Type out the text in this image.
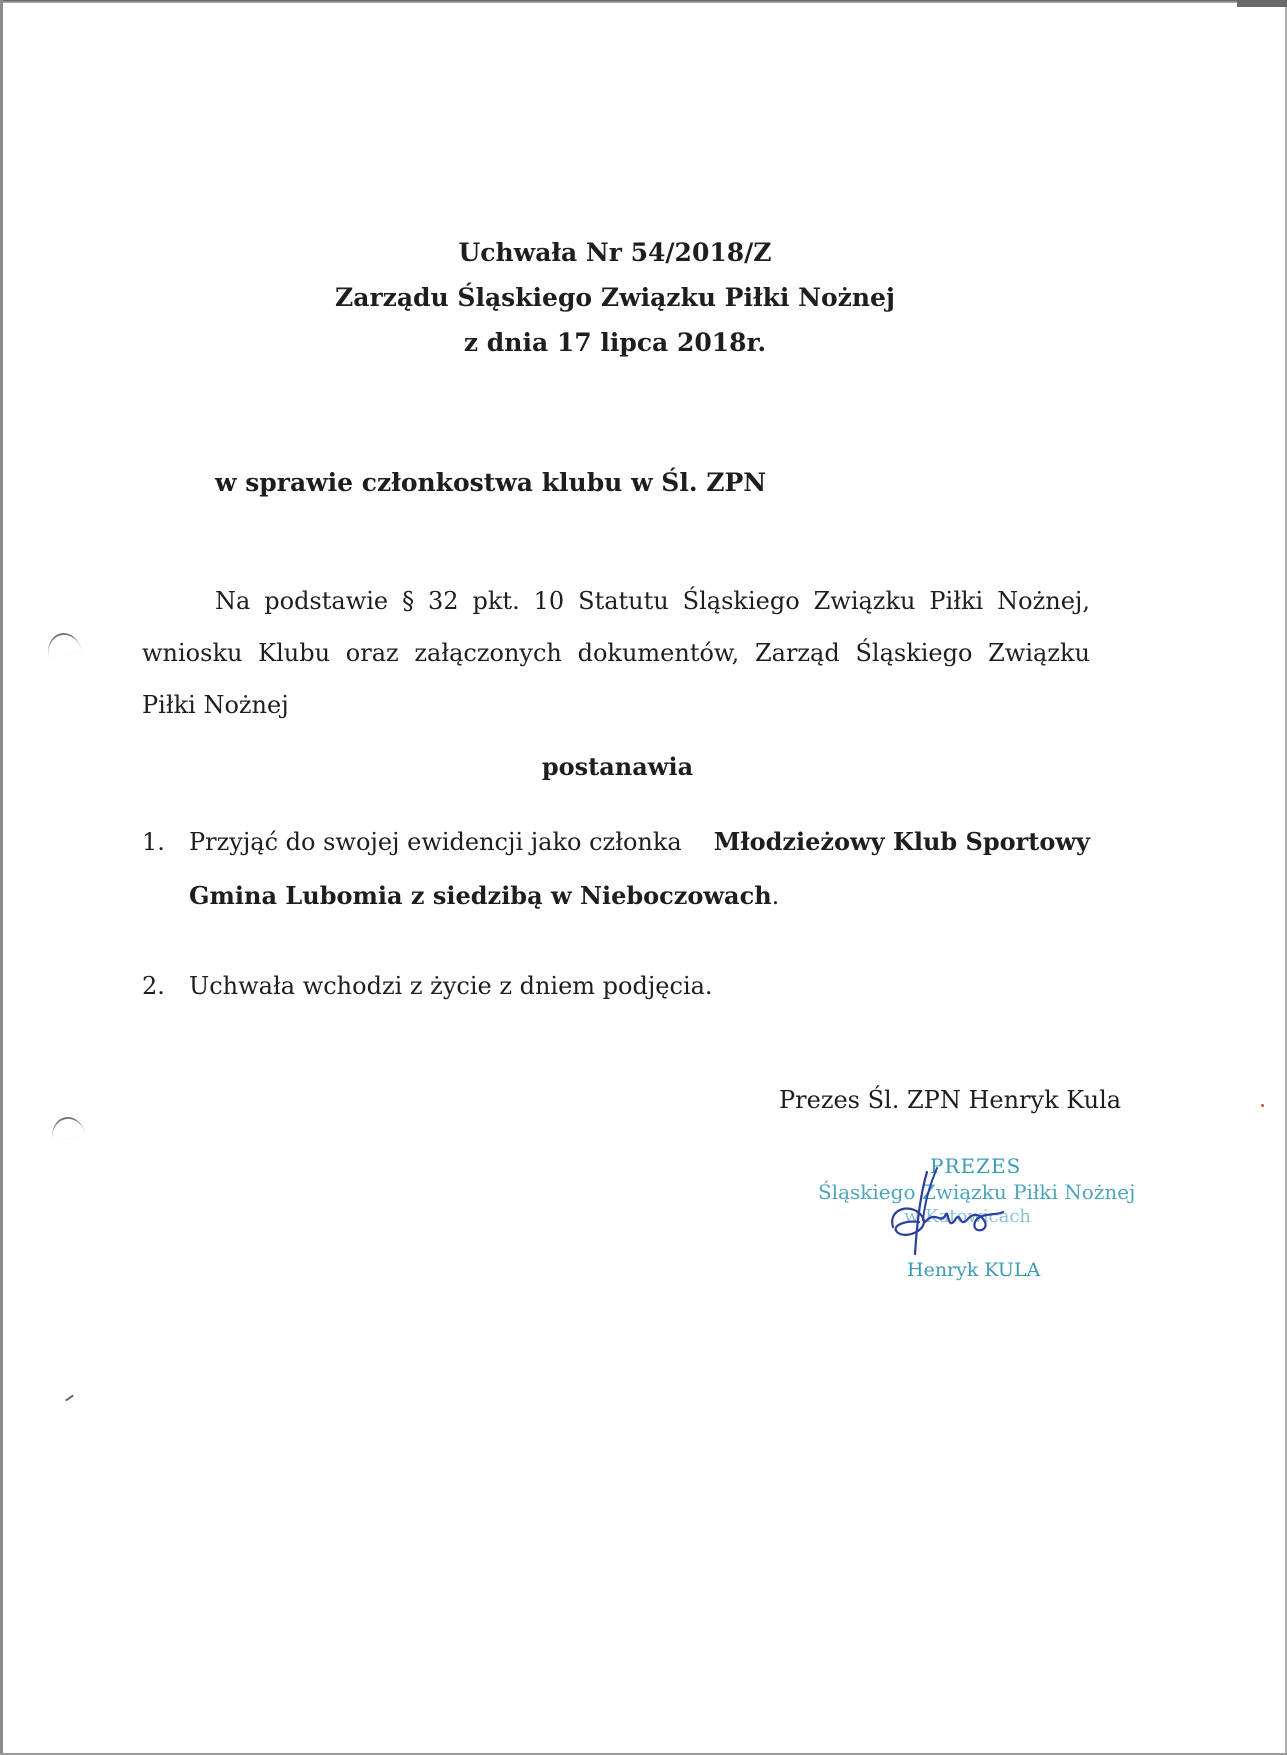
Uchwała Nr 54/2018/Z
Zarządu Śląskiego Związku Piłki Nożnej
z dnia 17 lipca 2018r.
w sprawie członkostwa klubu w Śl. ZPN
Na podstawie § 32 pkt. 10 Statutu Śląskiego Związku Piłki Nożnej, wniosku Klubu oraz załączonych dokumentów, Zarząd Śląskiego Związku Piłki Nożnej
postanawia
1. Przyjąć do swojej ewidencji jako członka Młodzieżowy Klub Sportowy
Gmina Lubomia z siedzibą w Nieboczowach.
2. Uchwała wchodzi z życie z dniem podjęcia.
Prezes Śl. ZPN Henryk Kula
PREZES
Śląskiego Związku Piłki Nożnej
w Katowicach
Henryk KULA
